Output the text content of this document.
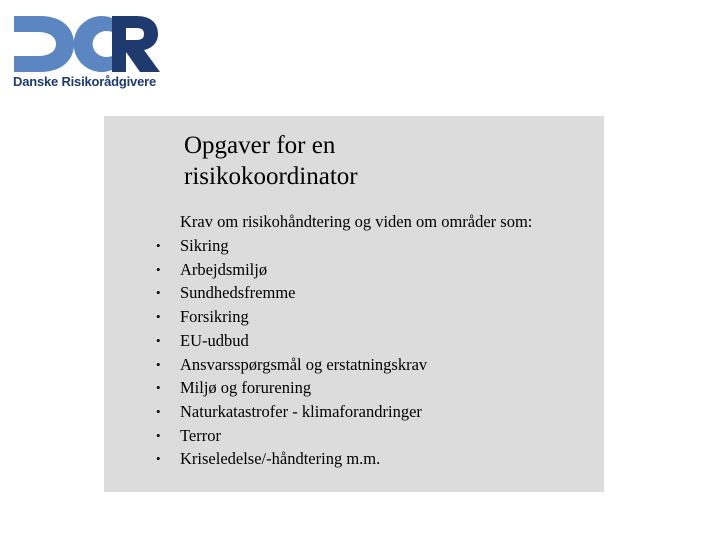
Danske Risikorådgivere
Opgaver for en
risikokoordinator
Krav om risikohåndtering og viden om områder som:
•	Sikring
•	Arbejdsmiljø
•	Sundhedsfremme
•	Forsikring
•	EU-udbud
•	Ansvarsspørgsmål og erstatningskrav
•	Miljø og forurening
•	Naturkatastrofer - klimaforandringer
•	Terror
•	Kriseledelse/-håndtering m.m.
